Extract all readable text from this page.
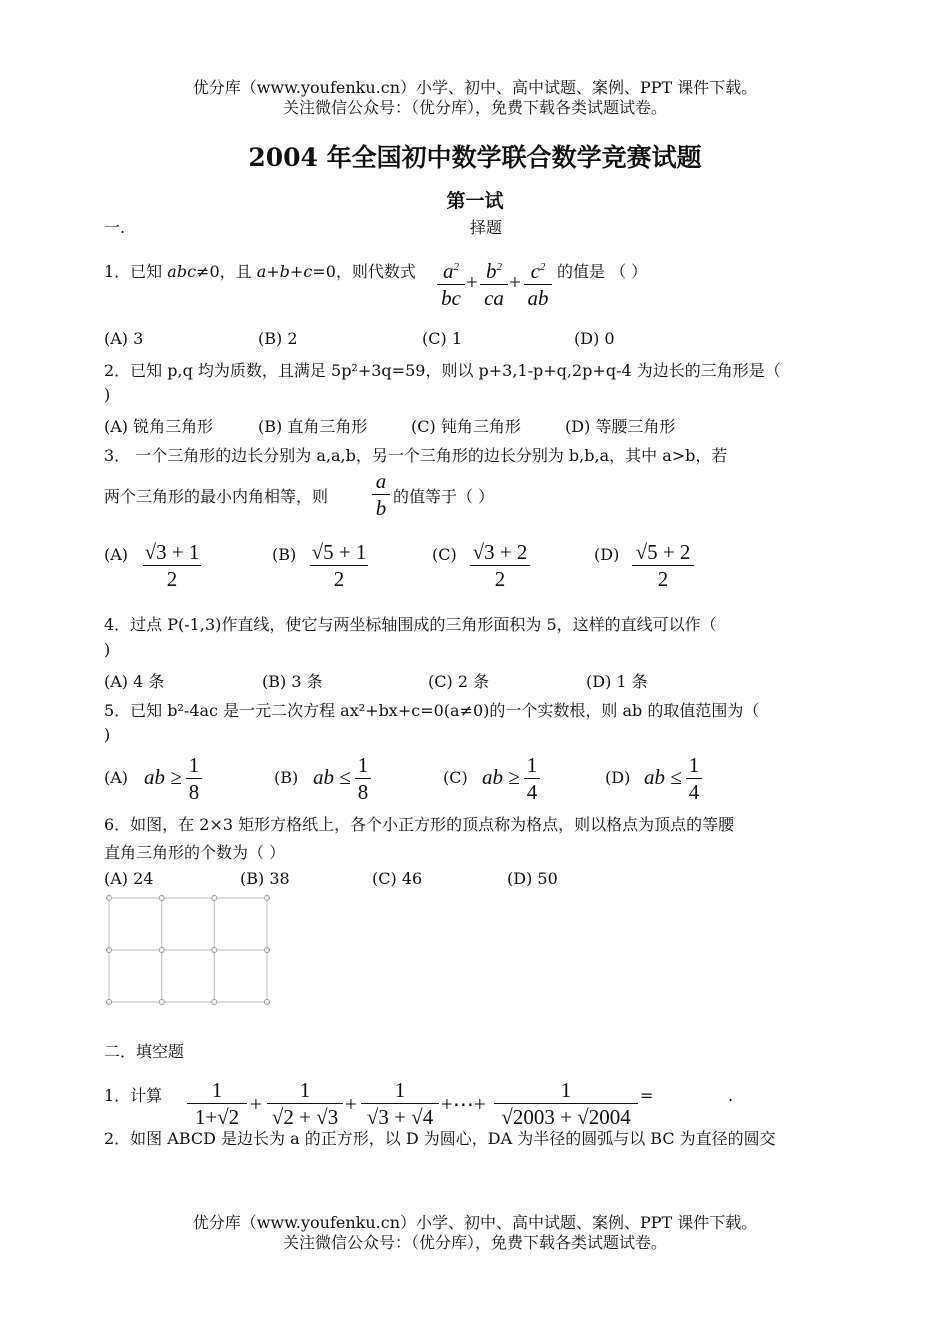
优分库（www.youfenku.cn）小学、初中、高中试题、案例、PPT 课件下载。
关注微信公众号：（优分库），免费下载各类试题试卷。
2004 年全国初中数学联合数学竞赛试题
第一试
一.	择题
1．已知 abc≠0，且 a+b+c=0，则代数式 $a^2$
bc
+ $b^2$
ca
+ $c^2$
ab
的值是 （ ）
(A) 3	(B) 2	(C) 1	(D) 0
2．已知 p,q 均为质数，且满足 5p²+3q=59，则以 p+3,1-p+q,2p+q-4 为边长的三角形是（
)
(A) 锐角三角形	(B) 直角三角形	(C) 钝角三角形	(D) 等腰三角形
3． 一个三角形的边长分别为 a,a,b，另一个三角形的边长分别为 b,b,a，其中 a>b，若
两个三角形的最小内角相等，则
a
b 的值等于（ ）
(A) √3 + 1
2
(B) √5 + 1
2
(C) √3 + 2
2
(D) √5 + 2
2
4．过点 P(-1,3)作直线，使它与两坐标轴围成的三角形面积为 5，这样的直线可以作（
)
(A) 4 条	(B) 3 条	(C) 2 条	(D) 1 条
5．已知 b²-4ac 是一元二次方程 ax²+bx+c=0(a≠0)的一个实数根，则 ab 的取值范围为（
)
(A) ab ≥ 1
8
(B) ab ≤ 1
8
(C) ab ≥ 1
4
(D) ab ≤ 1
4
6．如图，在 2×3 矩形方格纸上，各个小正方形的顶点称为格点，则以格点为顶点的等腰
直角三角形的个数为（ ）
(A) 24	(B) 38	(C) 46	(D) 50
二．填空题
1．计算	1
1+√2
+
1
√2 + √3
+
1
√3 + √4
+⋯+
1
√2003 + √2004
=	.
2．如图 ABCD 是边长为 a 的正方形，以 D 为圆心，DA 为半径的圆弧与以 BC 为直径的圆交
优分库（www.youfenku.cn）小学、初中、高中试题、案例、PPT 课件下载。
关注微信公众号：（优分库），免费下载各类试题试卷。
